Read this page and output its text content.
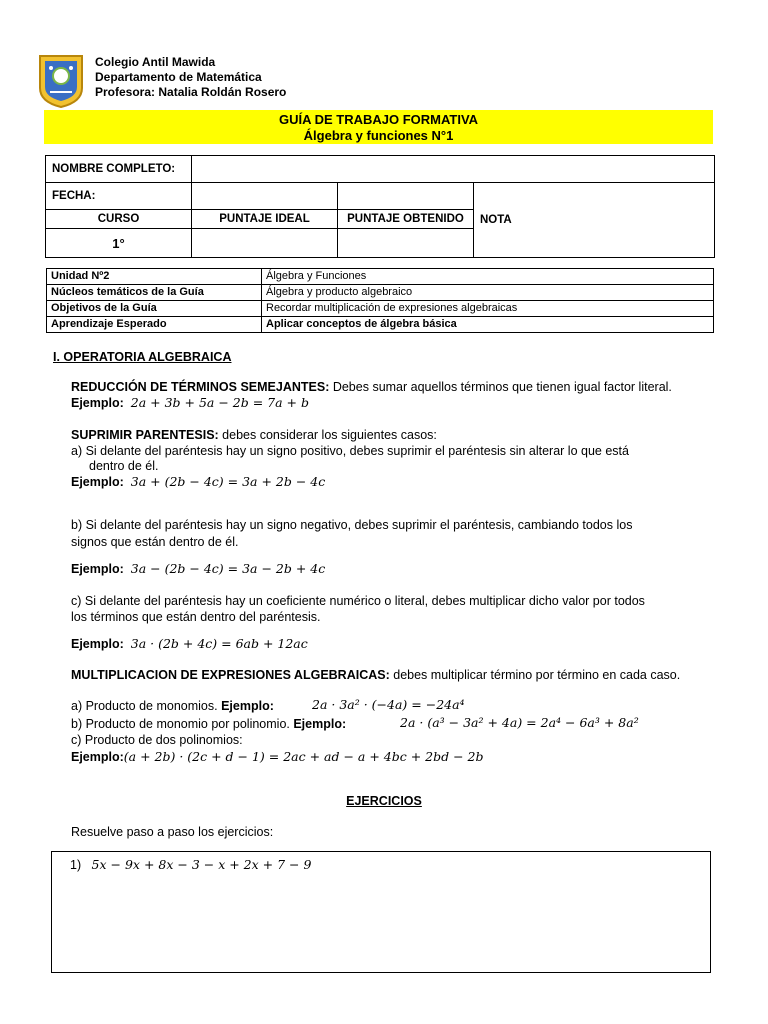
Colegio Antil Mawida
Departamento de Matemática
Profesora: Natalia Roldán Rosero
GUÍA DE TRABAJO FORMATIVA
Álgebra y funciones N°1
NOMBRE COMPLETO:			
FECHA:			NOTA
CURSO	PUNTAJE IDEAL	PUNTAJE OBTENIDO	
1°			
Unidad Nº2	Álgebra y Funciones
Núcleos temáticos de la Guía	Álgebra y producto algebraico
Objetivos de la Guía	Recordar multiplicación de expresiones algebraicas
Aprendizaje Esperado	Aplicar conceptos de álgebra básica
I. OPERATORIA ALGEBRAICA
REDUCCIÓN DE TÉRMINOS SEMEJANTES: Debes sumar aquellos términos que tienen igual factor literal.
Ejemplo: 2a + 3b + 5a − 2b = 7a + b
SUPRIMIR PARENTESIS: debes considerar los siguientes casos:
a) Si delante del paréntesis hay un signo positivo, debes suprimir el paréntesis sin alterar lo que está
dentro de él.
Ejemplo: 3a + (2b − 4c) = 3a + 2b − 4c
b) Si delante del paréntesis hay un signo negativo, debes suprimir el paréntesis, cambiando todos los
signos que están dentro de él.
Ejemplo: 3a − (2b − 4c) = 3a − 2b + 4c
c) Si delante del paréntesis hay un coeficiente numérico o literal, debes multiplicar dicho valor por todos
los términos que están dentro del paréntesis.
Ejemplo: 3a · (2b + 4c) = 6ab + 12ac
MULTIPLICACION DE EXPRESIONES ALGEBRAICAS: debes multiplicar término por término en cada caso.
a) Producto de monomios. Ejemplo:	2a · 3a² · (−4a) = −24a⁴
b) Producto de monomio por polinomio. Ejemplo:	2a · (a³ − 3a² + 4a) = 2a⁴ − 6a³ + 8a²
c) Producto de dos polinomios:
Ejemplo:(a + 2b) · (2c + d − 1) = 2ac + ad − a + 4bc + 2bd − 2b
EJERCICIOS
Resuelve paso a paso los ejercicios:
1) 5x − 9x + 8x − 3 − x + 2x + 7 − 9
